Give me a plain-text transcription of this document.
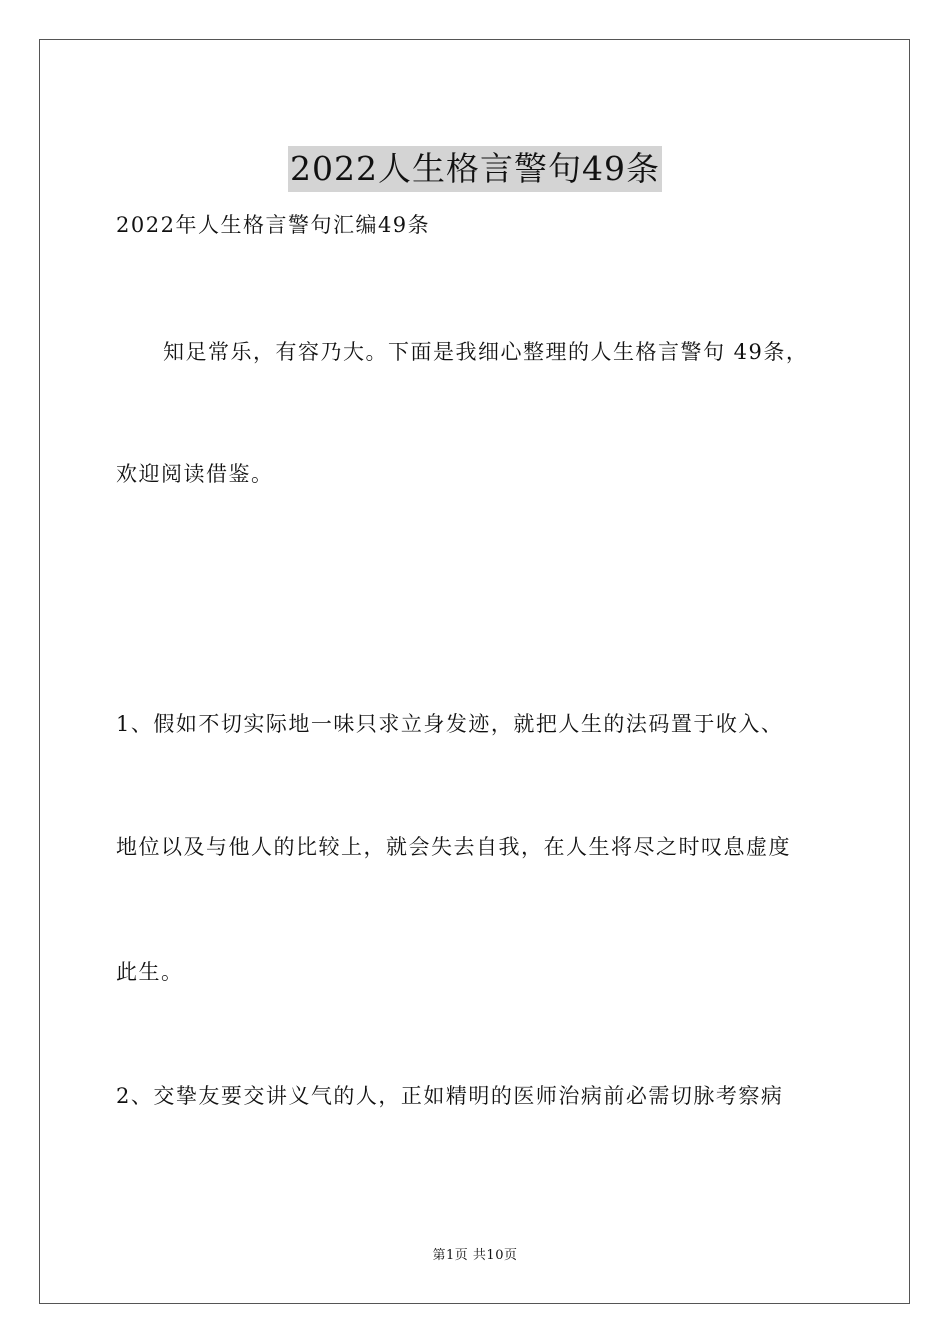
2022人生格言警句49条
2022年人生格言警句汇编49条
知足常乐，有容乃大。下面是我细心整理的人生格言警句 49条，
欢迎阅读借鉴。
1、假如不切实际地一味只求立身发迹，就把人生的法码置于收入、
地位以及与他人的比较上，就会失去自我，在人生将尽之时叹息虚度
此生。
2、交挚友要交讲义气的人，正如精明的医师治病前必需切脉考察病
第1页 共10页
